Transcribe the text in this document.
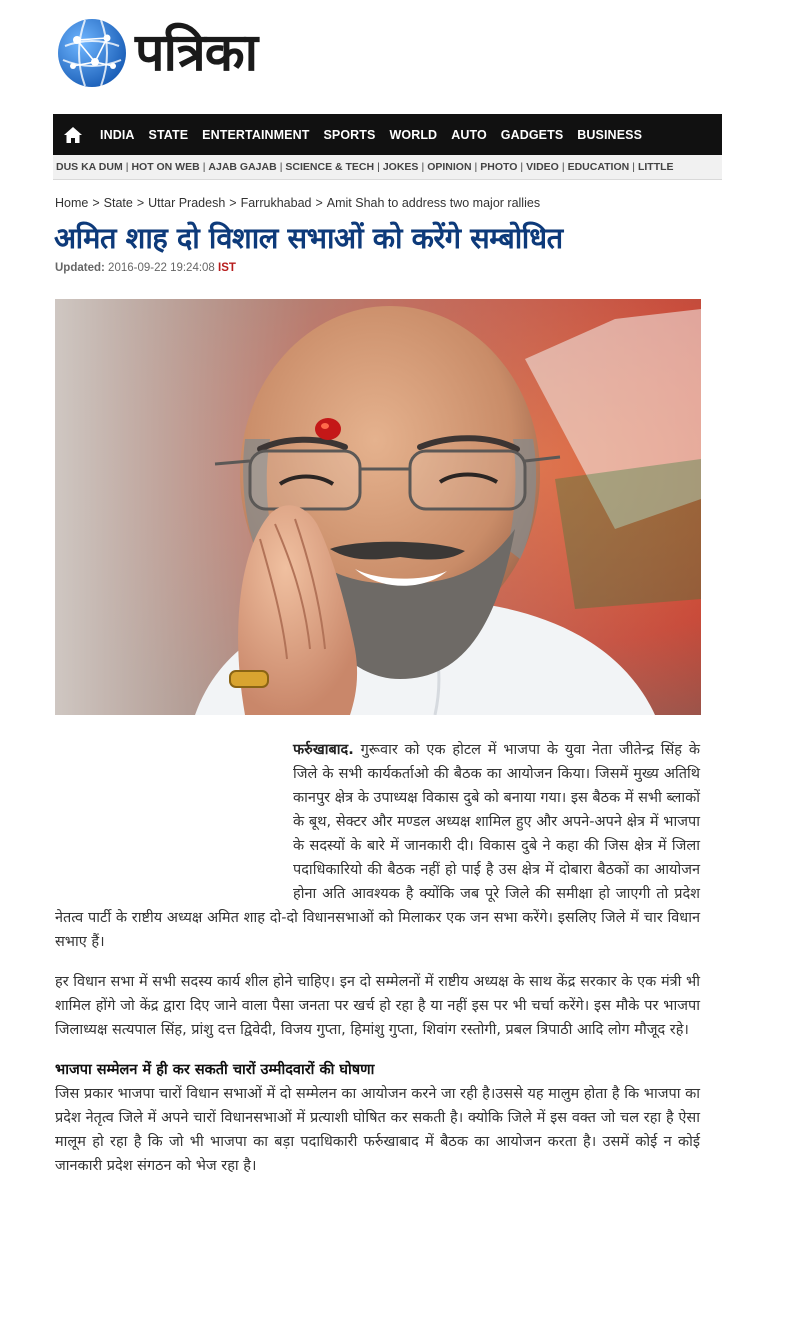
पत्रिका
INDIA STATE ENTERTAINMENT SPORTS WORLD AUTO GADGETS BUSINESS
DUS KA DUM | HOT ON WEB | AJAB GAJAB | SCIENCE & TECH | JOKES | OPINION | PHOTO | VIDEO | EDUCATION | LITTLE
Home > State > Uttar Pradesh > Farrukhabad > Amit Shah to address two major rallies
अमित शाह दो विशाल सभाओं को करेंगे सम्बोधित
Updated: 2016-09-22 19:24:08 IST

फर्रुखाबाद. गुरूवार को एक होटल में भाजपा के युवा नेता जीतेन्द्र सिंह के जिले के सभी कार्यकर्ताओ की बैठक का आयोजन किया। जिसमें मुख्य अतिथि कानपुर क्षेत्र के उपाध्यक्ष विकास दुबे को बनाया गया। इस बैठक में सभी ब्लाकों के बूथ, सेक्टर और मण्डल अध्यक्ष शामिल हुए और अपने-अपने क्षेत्र में भाजपा के सदस्यों के बारे में जानकारी दी। विकास दुबे ने कहा की जिस क्षेत्र में जिला पदाधिकारियो की बैठक नहीं हो पाई है उस क्षेत्र में दोबारा बैठकों का आयोजन होना अति आवश्यक है क्योंकि जब पूरे जिले की समीक्षा हो जाएगी तो प्रदेश नेतत्व पार्टी के राष्टीय अध्यक्ष अमित शाह दो-दो विधानसभाओं को मिलाकर एक जन सभा करेंगे। इसलिए जिले में चार विधान सभाए हैं।

हर विधान सभा में सभी सदस्य कार्य शील होने चाहिए। इन दो सम्मेलनों में राष्टीय अध्यक्ष के साथ केंद्र सरकार के एक मंत्री भी शामिल होंगे जो केंद्र द्वारा दिए जाने वाला पैसा जनता पर खर्च हो रहा है या नहीं इस पर भी चर्चा करेंगे। इस मौके पर भाजपा जिलाध्यक्ष सत्यपाल सिंह, प्रांशु दत्त द्विवेदी, विजय गुप्ता, हिमांशु गुप्ता, शिवांग रस्तोगी, प्रबल त्रिपाठी आदि लोग मौजूद रहे।

भाजपा सम्मेलन में ही कर सकती चारों उम्मीदवारों की घोषणा

जिस प्रकार भाजपा चारों विधान सभाओं में दो सम्मेलन का आयोजन करने जा रही है।उससे यह मालुम होता है कि भाजपा का प्रदेश नेतृत्व जिले में अपने चारों विधानसभाओं में प्रत्याशी घोषित कर सकती है। क्योकि जिले में इस वक्त जो चल रहा है ऐसा मालूम हो रहा है कि जो भी भाजपा का बड़ा पदाधिकारी फर्रुखाबाद में बैठक का आयोजन करता है। उसमें कोई न कोई जानकारी प्रदेश संगठन को भेज रहा है।
